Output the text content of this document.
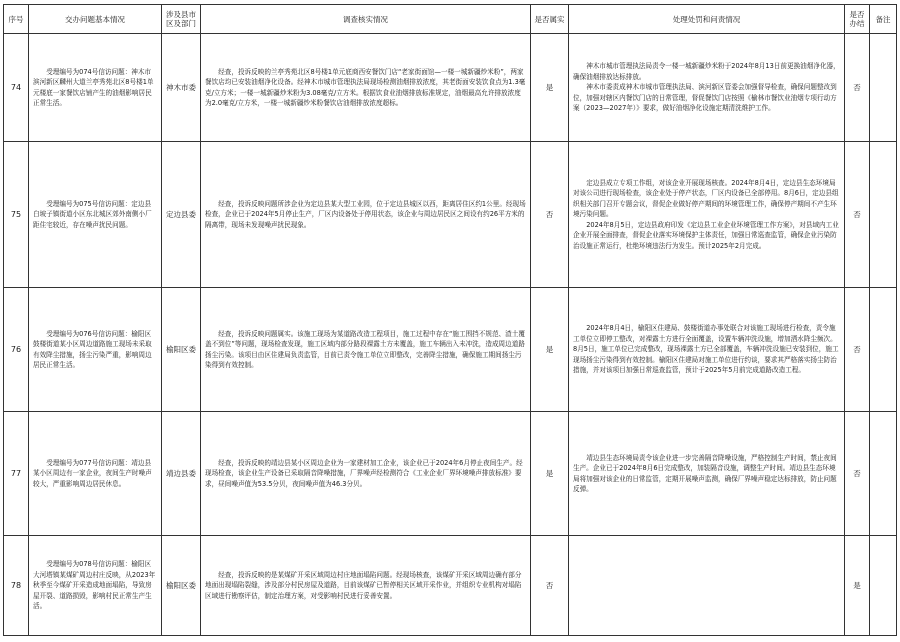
序号	交办问题基本情况	涉及县市区及部门	调查核实情况	是否属实	处理处罚和问责情况	是否办结	备注
74	受理编号为074号信访问题：神木市滨河新区麟州大道兰亭秀苑北区8号楼1单元楼底一家餐饮店铺产生的油烟影响居民正常生活。	神木市委	经查，投诉反映的兰亭秀苑北区8号楼1单元底商西安餐饮门店“老家街面馆—一楼一城新疆炒米粉”，两家餐饮店均已安装油烟净化设备。经神木市城市管理执法局现场检测油烟排放浓度，其老街面安装饮食点为1.3毫克/立方米；一楼一城新疆炒米粉为3.08毫克/立方米。根据饮食业油烟排放标准规定，油烟最高允许排放浓度为2.0毫克/立方米，一楼一城新疆炒米粉餐饮店油烟排放浓度超标。	是	神木市城市管理执法局责令一楼一城新疆炒米粉于2024年8月13日前更换油烟净化器，确保油烟排放达标排放。

神木市委责成神木市城市管理执法局、滨河新区管委会加强督导检查，确保问题整改到位，加强对辖区内餐饮门店的日常管理，督促餐饮门店按照《榆林市餐饮业油烟专项行动方案（2023—2027年）》要求，做好油烟净化设施定期清洗维护工作。	否	
75	受理编号为075号信访问题：定边县白坡子镇街道小区东北城区郊外南侧小厂距住宅较近，存在噪声扰民问题。	定边县委	经查，投诉反映问题所涉企业为定边县某大型工业园，位于定边县城区以西，距离居住区约1公里。经现场检查，企业已于2024年5月停止生产，厂区内设备处于停用状态，该企业与周边居民区之间设有约26平方米的隔离带，现场未发现噪声扰民现象。	否	定边县成立专项工作组，对该企业开展现场核查。2024年8月4日，定边县生态环境局对该公司进行现场检查，该企业处于停产状态，厂区内设备已全部停用。8月6日，定边县组织相关部门召开专题会议，督促企业做好停产期间的环境管理工作，确保停产期间不产生环境污染问题。

2024年8月5日，定边县政府印发《定边县工业企业环境管理工作方案》，对县域内工业企业开展全面排查，督促企业落实环境保护主体责任，加强日常巡查监管，确保企业污染防治设施正常运行，杜绝环境违法行为发生。预计2025年2月完成。	否	
76	受理编号为076号信访问题：榆阳区鼓楼街道某小区周边道路施工现场未采取有效降尘措施，扬尘污染严重，影响周边居民正常生活。	榆阳区委	经查，投诉反映问题属实。该施工现场为某道路改造工程项目，施工过程中存在“施工围挡不规范、渣土覆盖不到位”等问题，现场检查发现，施工区域内部分路段裸露土方未覆盖，施工车辆出入未冲洗，造成周边道路扬尘污染。该项目由区住建局负责监管，目前已责令施工单位立即整改，完善降尘措施，确保施工期间扬尘污染得到有效控制。	是	2024年8月4日，榆阳区住建局、鼓楼街道办事处联合对该施工现场进行检查，责令施工单位立即停工整改，对裸露土方进行全面覆盖，设置车辆冲洗设施，增加洒水降尘频次。8月5日，施工单位已完成整改，现场裸露土方已全部覆盖，车辆冲洗设施已安装到位，施工现场扬尘污染得到有效控制。榆阳区住建局对施工单位进行约谈，要求其严格落实扬尘防治措施，并对该项目加强日常巡查监管，预计于2025年5月前完成道路改造工程。	否	
77	受理编号为077号信访问题：靖边县某小区周边有一家企业，夜间生产时噪声较大，严重影响周边居民休息。	靖边县委	经查，投诉反映的靖边县某小区周边企业为一家建材加工企业，该企业已于2024年6月停止夜间生产。经现场检查，该企业生产设备已采取隔音降噪措施，厂界噪声经检测符合《工业企业厂界环境噪声排放标准》要求，昼间噪声值为53.5分贝，夜间噪声值为46.3分贝。	是	靖边县生态环境局责令该企业进一步完善隔音降噪设施，严格控制生产时间，禁止夜间生产。企业已于2024年8月6日完成整改，加装隔音设施，调整生产时间。靖边县生态环境局将加强对该企业的日常监管，定期开展噪声监测，确保厂界噪声稳定达标排放，防止问题反弹。	否	
78	受理编号为078号信访问题：榆阳区大河塔镇某煤矿周边村庄反映，从2023年秋季至今煤矿开采造成地面塌陷，导致房屋开裂、道路损毁，影响村民正常生产生活。	榆阳区委	经查，投诉反映的是某煤矿开采区域周边村庄地面塌陷问题。经现场核查，该煤矿开采区域周边确有部分地面出现塌陷裂缝，涉及部分村民房屋及道路，目前该煤矿已暂停相关区域开采作业，并组织专业机构对塌陷区域进行勘察评估，制定治理方案，对受影响村民进行妥善安置。	否		是	
